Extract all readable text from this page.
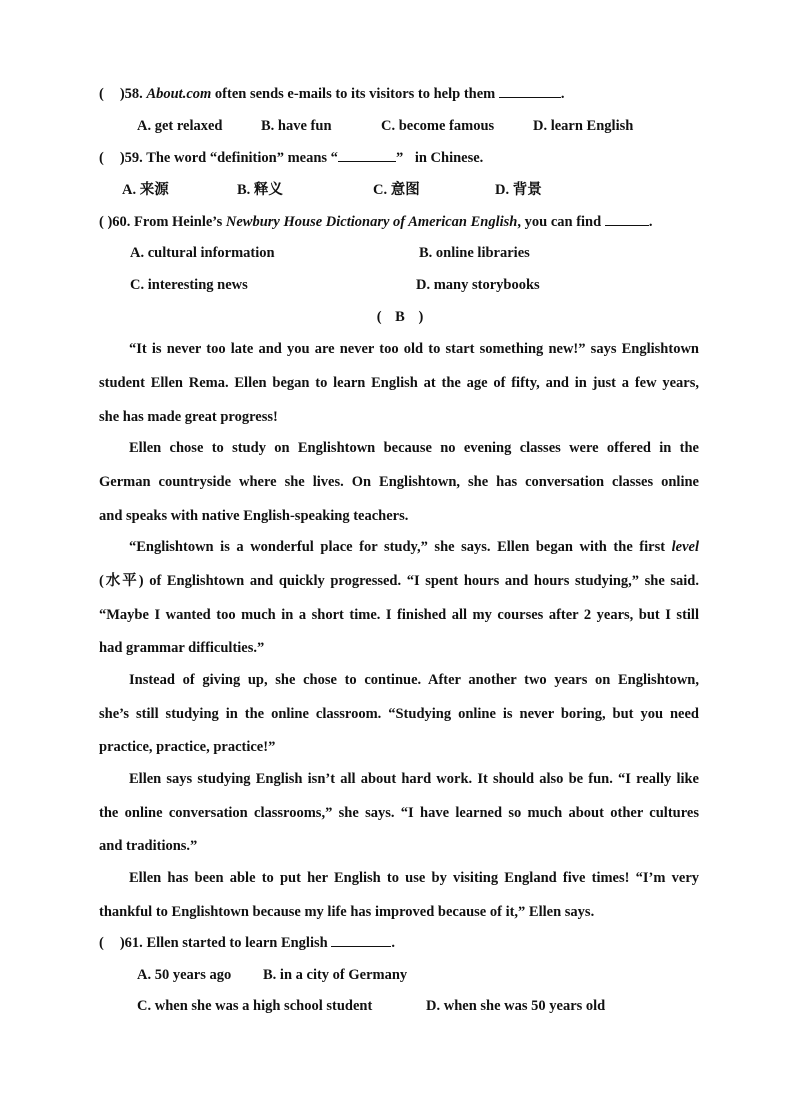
( )58. About.com often sends e-mails to its visitors to help them	.
A. get relaxed	B. have fun	C. become famous	D. learn English
( )59. The word “definition” means “	” in Chinese.
A. 来源	B. 释义	C. 意图	D. 背景
( )60. From Heinle’s Newbury House Dictionary of American English, you can find	.
A. cultural information	B. online libraries
C. interesting news	D. many storybooks
( B )
“It is never too late and you are never too old to start something new!” says Englishtown
student Ellen Rema. Ellen began to learn English at the age of fifty, and in just a few years,
she has made great progress!
Ellen chose to study on Englishtown because no evening classes were offered in the
German countryside where she lives. On Englishtown, she has conversation classes online
and speaks with native English-speaking teachers.
“Englishtown is a wonderful place for study,” she says. Ellen began with the first level
(水平) of Englishtown and quickly progressed. “I spent hours and hours studying,” she said.
“Maybe I wanted too much in a short time. I finished all my courses after 2 years, but I still
had grammar difficulties.”
Instead of giving up, she chose to continue. After another two years on Englishtown,
she’s still studying in the online classroom. “Studying online is never boring, but you need
practice, practice, practice!”
Ellen says studying English isn’t all about hard work. It should also be fun. “I really like
the online conversation classrooms,” she says. “I have learned so much about other cultures
and traditions.”
Ellen has been able to put her English to use by visiting England five times! “I’m very
thankful to Englishtown because my life has improved because of it,” Ellen says.
( )61. Ellen started to learn English	.
A. 50 years ago B. in a city of Germany
C. when she was a high school student	D. when she was 50 years old
